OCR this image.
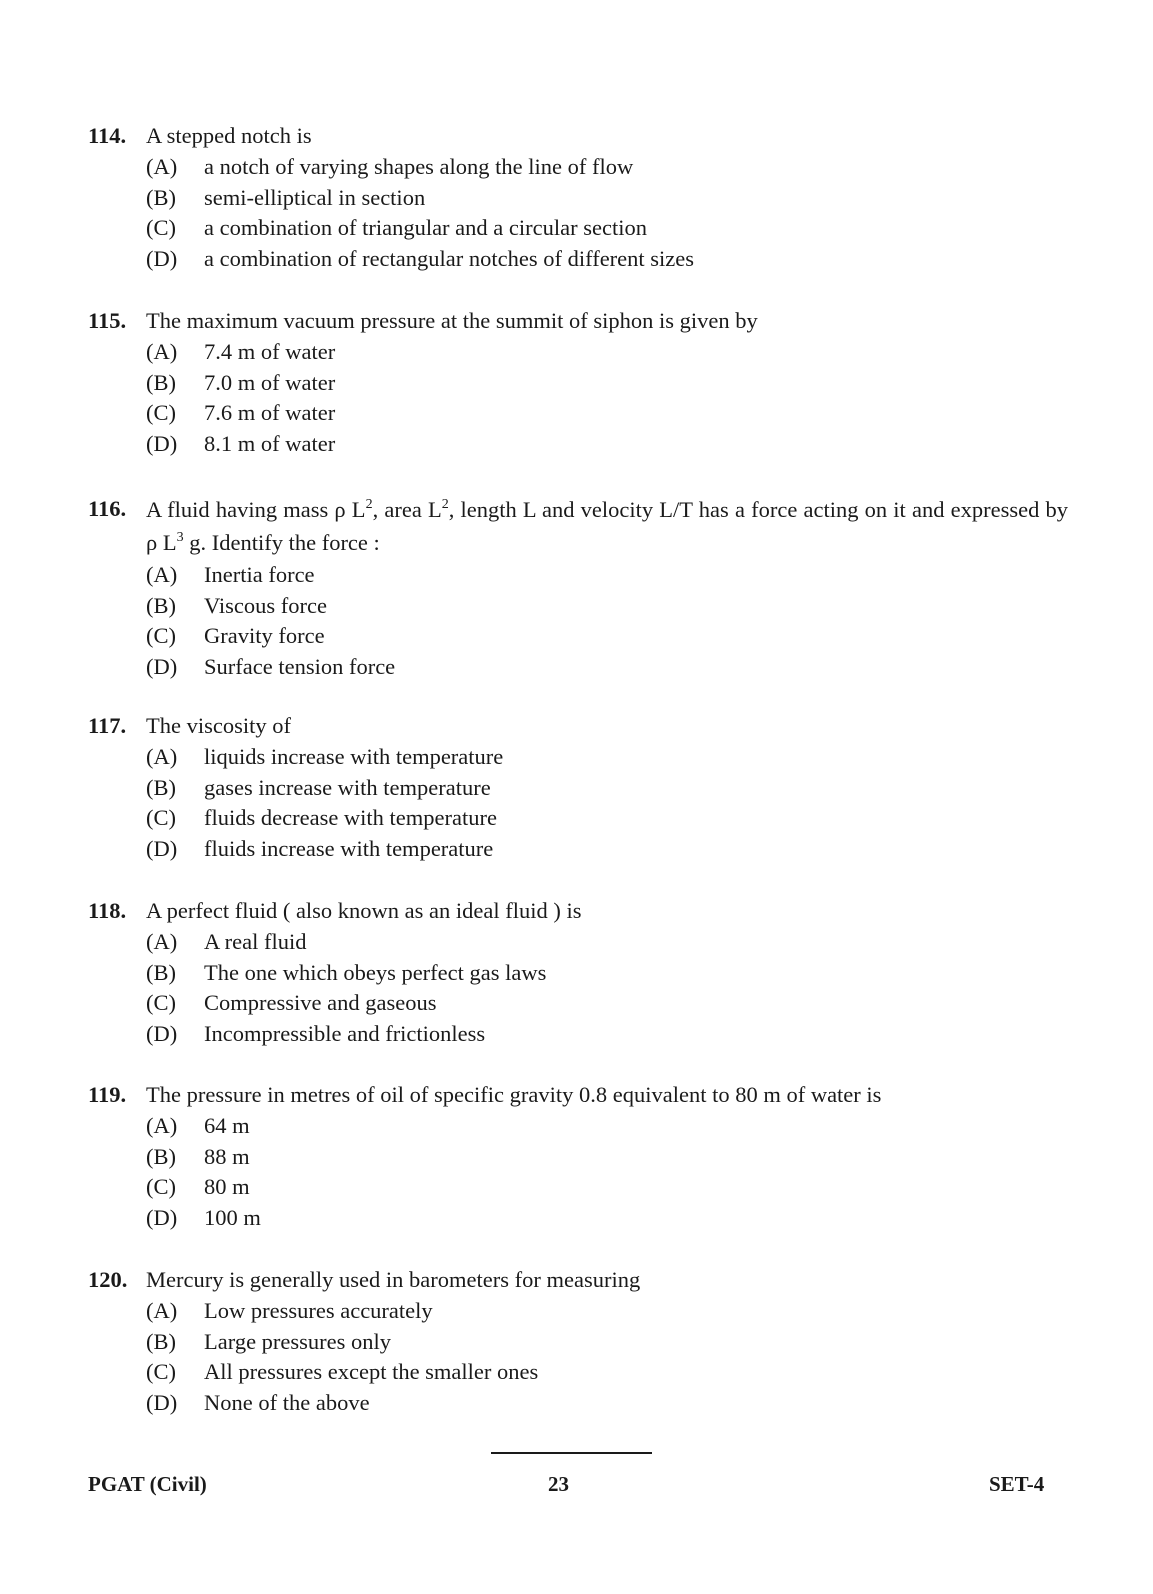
114. A stepped notch is
(A)	a notch of varying shapes along the line of flow
(B)	semi-elliptical in section
(C)	a combination of triangular and a circular section
(D)	a combination of rectangular notches of different sizes
115. The maximum vacuum pressure at the summit of siphon is given by
(A)	7.4 m of water
(B)	7.0 m of water
(C)	7.6 m of water
(D)	8.1 m of water
116. A fluid having mass ρ $L^2$, area $L^2$, length L and velocity L/T has a force acting on it and expressed by ρ $L^3$ g. Identify the force :
(A)	Inertia force
(B)	Viscous force
(C)	Gravity force
(D)	Surface tension force
117. The viscosity of
(A)	liquids increase with temperature
(B)	gases increase with temperature
(C)	fluids decrease with temperature
(D)	fluids increase with temperature
118. A perfect fluid ( also known as an ideal fluid ) is
(A)	A real fluid
(B)	The one which obeys perfect gas laws
(C)	Compressive and gaseous
(D)	Incompressible and frictionless
119. The pressure in metres of oil of specific gravity 0.8 equivalent to 80 m of water is
(A)	64 m
(B)	88 m
(C)	80 m
(D)	100 m
120. Mercury is generally used in barometers for measuring
(A)	Low pressures accurately
(B)	Large pressures only
(C)	All pressures except the smaller ones
(D)	None of the above
PGAT (Civil)	23	SET-4
